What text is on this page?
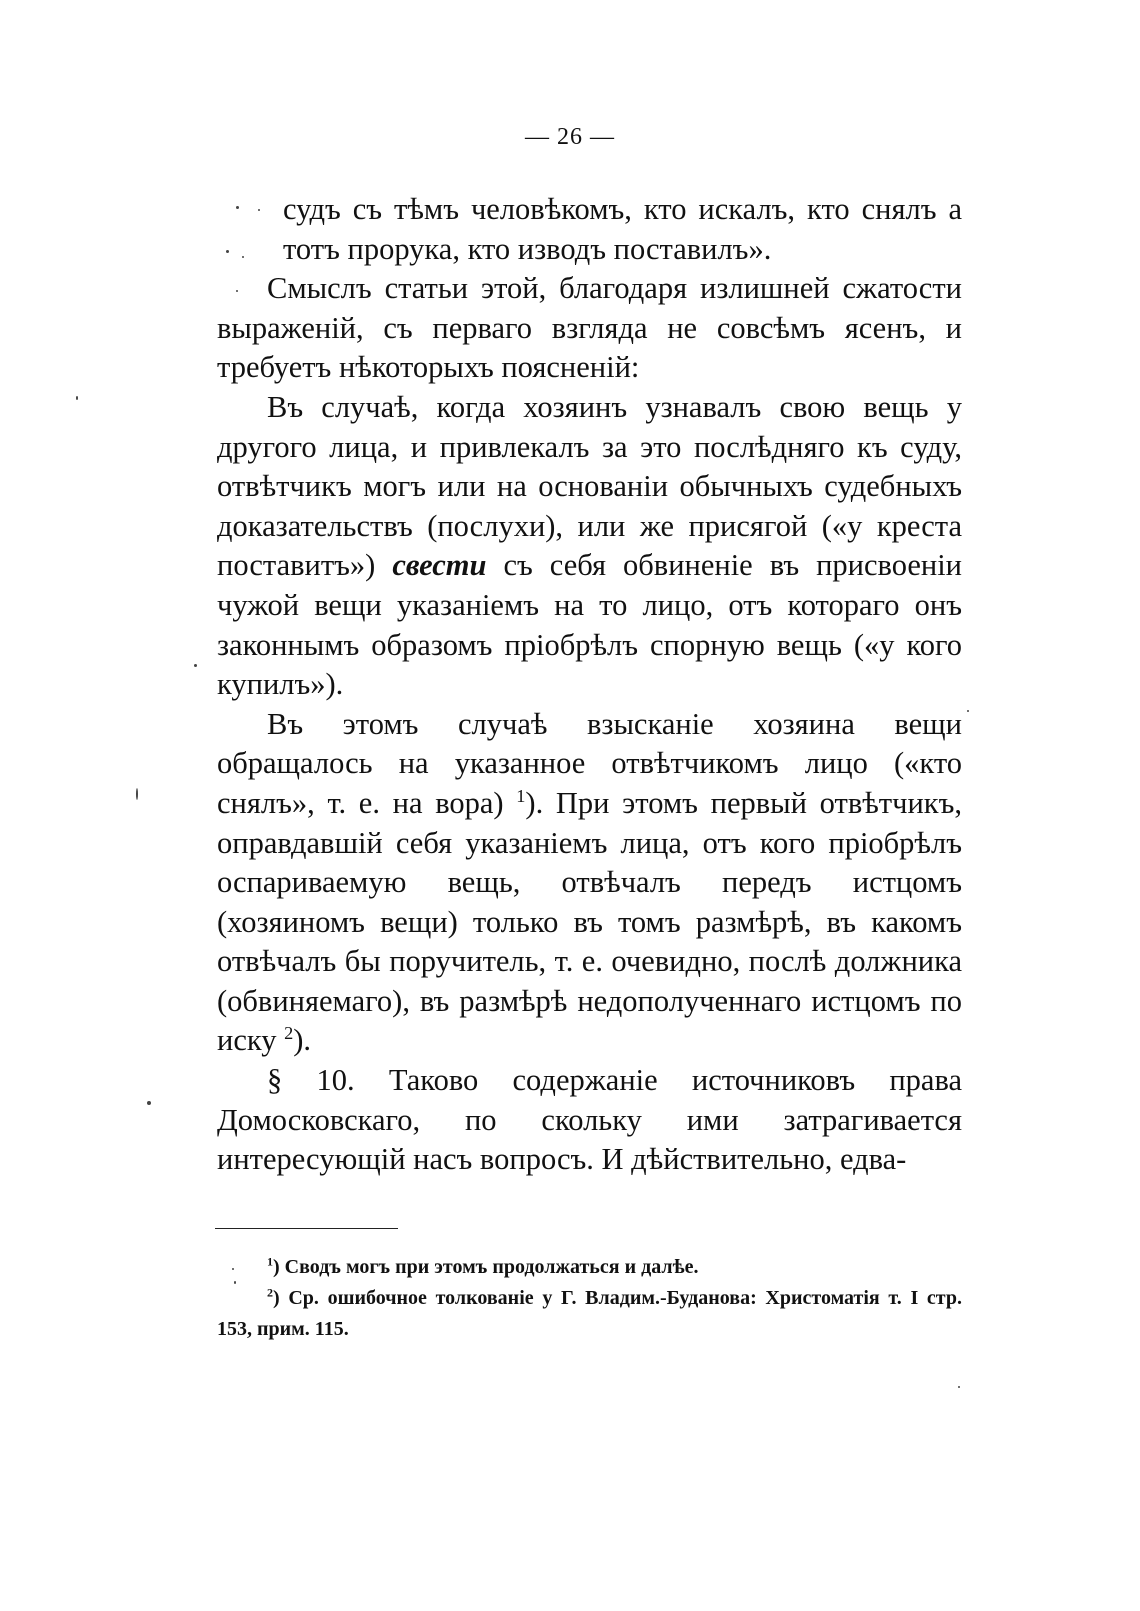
— 26 —

судъ съ тѣмъ человѣкомъ, кто искалъ, кто снялъ а тотъ прорука, кто изводъ поставилъ».

Смыслъ статьи этой, благодаря излишней сжатости выраженій, съ перваго взгляда не совсѣмъ ясенъ, и требуетъ нѣкоторыхъ поясненій:

Въ случаѣ, когда хозяинъ узнавалъ свою вещь у другого лица, и привлекалъ за это послѣдняго къ суду, отвѣтчикъ могъ или на основаніи обычныхъ судебныхъ доказательствъ (послухи), или же присягой («у креста поставитъ») свести съ себя обвиненіе въ присвоеніи чужой вещи указаніемъ на то лицо, отъ котораго онъ законнымъ образомъ пріобрѣлъ спорную вещь («у кого купилъ»).

Въ этомъ случаѣ взысканіе хозяина вещи обращалось на указанное отвѣтчикомъ лицо («кто снялъ», т. е. на вора) $^1$). При этомъ первый отвѣтчикъ, оправдавшій себя указаніемъ лица, отъ кого пріобрѣлъ оспариваемую вещь, отвѣчалъ передъ истцомъ (хозяиномъ вещи) только въ томъ размѣрѣ, въ какомъ отвѣчалъ бы поручитель, т. е. очевидно, послѣ должника (обвиняемаго), въ размѣрѣ недополученнаго истцомъ по иску $^2$).

§ 10. Таково содержаніе источниковъ права Домосковскаго, по скольку ими затрагивается интересующій насъ вопросъ. И дѣйствительно, едва-

$^1$) Сводъ могъ при этомъ продолжаться и далѣе.

$^2$) Ср. ошибочное толкованіе у Г. Владим.-Буданова: Христоматія т. I стр. 153, прим. 115.
